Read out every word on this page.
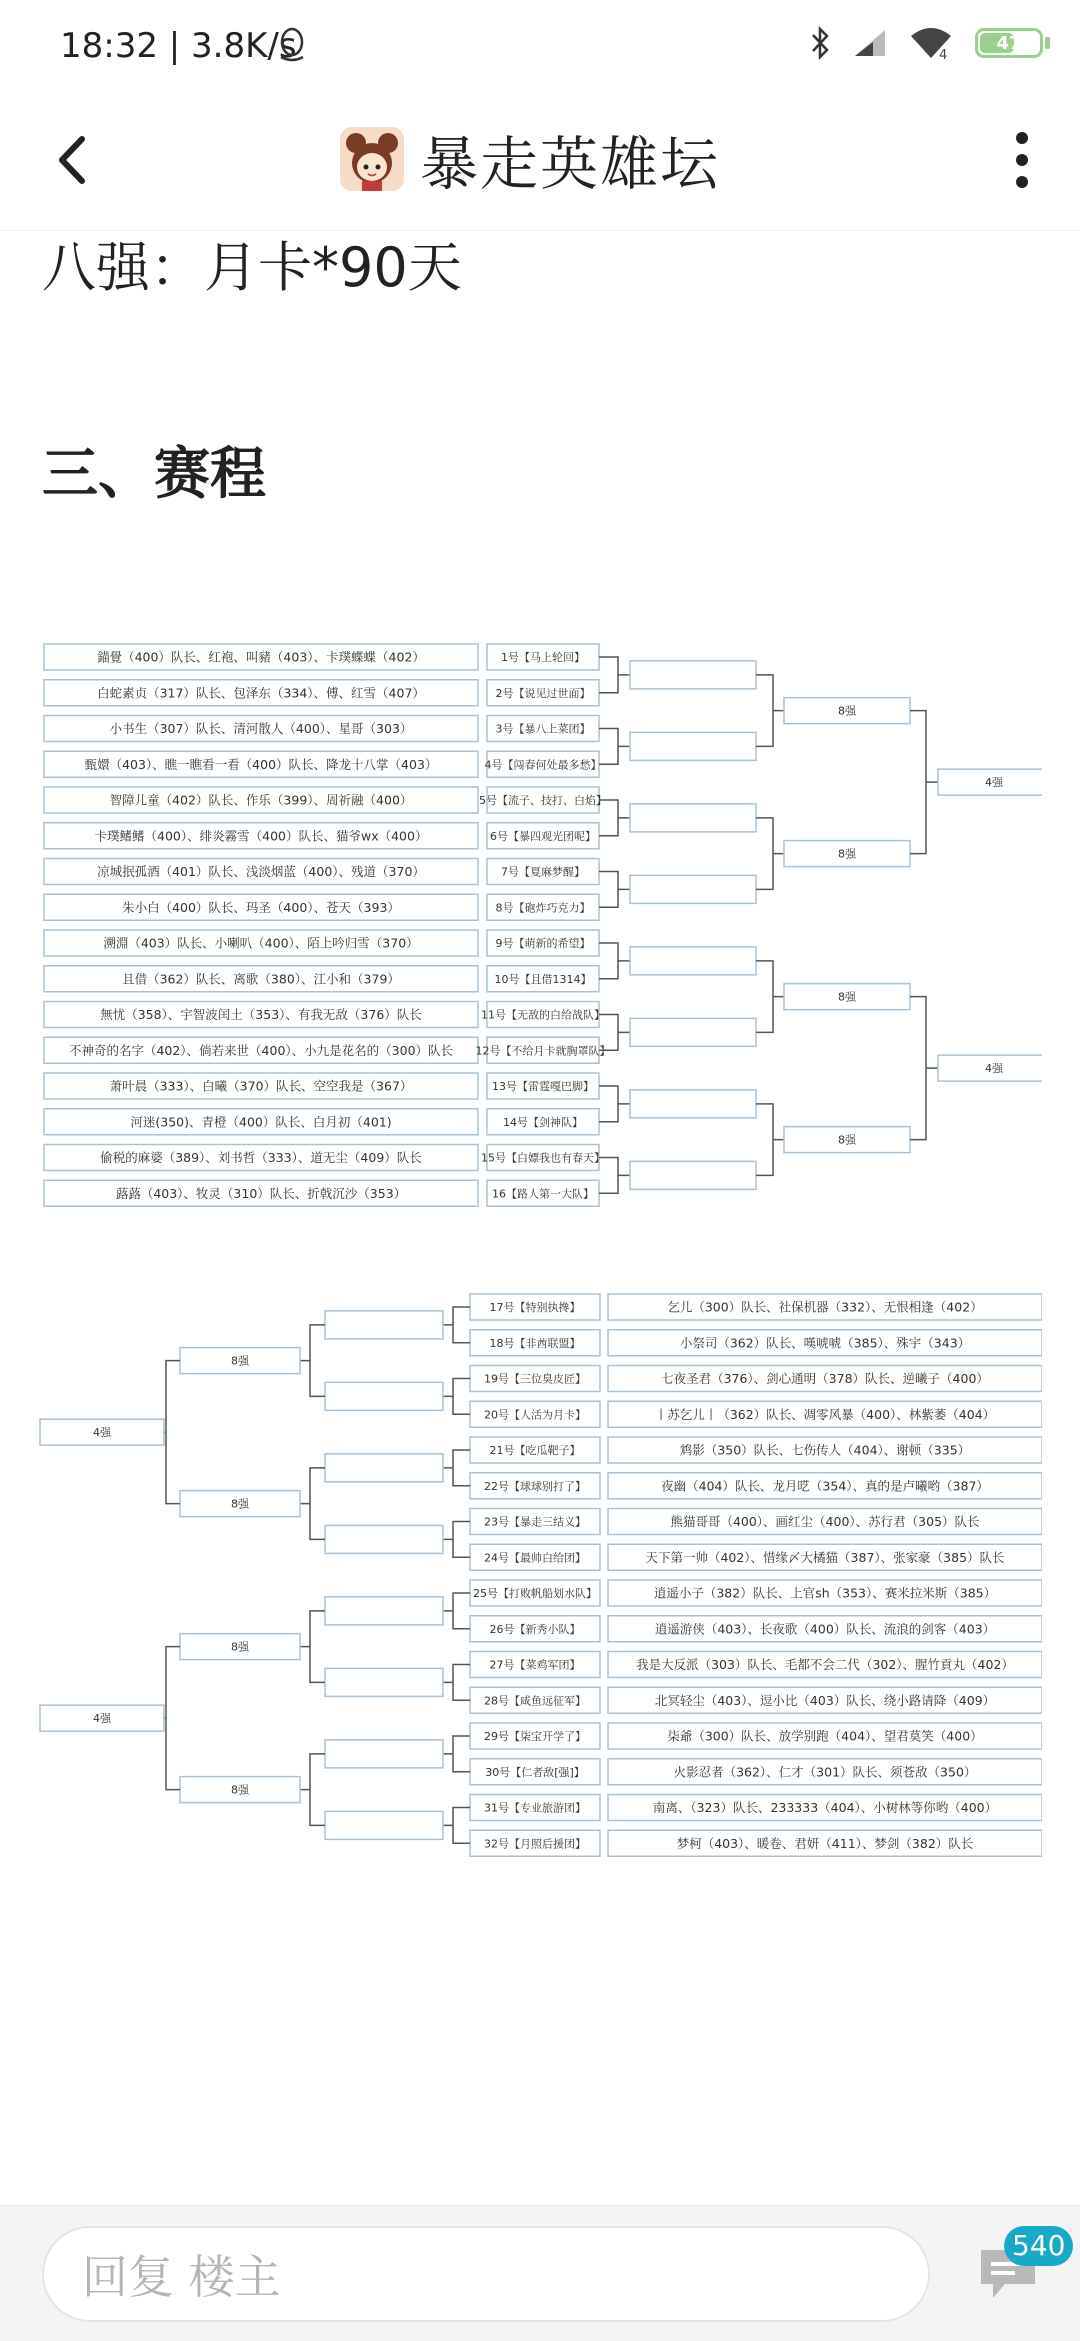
18:32 | 3.8K/s	4
47
暴走英雄坛
八强：月卡*90天
三、赛程
錨覺（400）队长、红袍、叫豬（403）、卡璞蝶蝶（402）	1号【马上轮回】
白蛇素贞（317）队长、包泽东（334）、傅、红雪（407）	2号【说见过世面】
小书生（307）队长、清河散人（400）、星哥（303）	3号【暴八上菜团】
甄嬛（403）、瞧一瞧看一看（400）队长、降龙十八掌（403）	4号【闯春何处最多愁】
智障儿童（402）队长、作乐（399）、周祈融（400）	5号【流子、技打、白焰】
卡璞鳍鳍（400）、绯炎霧雪（400）队长、猫爷wx（400）	6号【暴四观光团呢】
凉城抿孤酒（401）队长、浅淡烟蓝（400）、残道（370）	7号【夏麻梦醒】
朱小白（400）队长、玛圣（400）、苍天（393）	8号【砲炸巧克力】
溯淵（403）队长、小喇叭（400）、陌上吟归雪（370）	9号【萌新的希望】
且借（362）队长、离歌（380）、江小和（379）	10号【且借1314】
無忧（358）、宇智波闰土（353）、有我无敌（376）队长	11号【无敌的白给战队】
不神奇的名字（402）、倘若来世（400）、小九是花名的（300）队长 12号【不给月卡就胸罩队】
萧叶晨（333）、白曦（370）队长、空空我是（367）	13号【雷霆嘎巴脚】
河迷(350)、青橙（400）队长、白月初（401)	14号【剑神队】
偷税的麻婆（389）、刘书哲（333）、道无尘（409）队长	15号【白嫖我也有春天】
蕗蕗（403）、牧灵（310）队长、折戟沉沙（353）	16【路人第一大队】
8强
8强
8强
8强
4强
4强
17号【特别执搀】	乞儿（300）队长、社保机器（332）、无恨相逢（402）
18号【非酋联盟】	小祭司（362）队长、嘆唬唬（385）、殊宇（343）
19号【三位臭皮匠】	七夜圣君（376）、剑心通明（378）队长、逆曦子（400）
20号【人活为月卡】	丨苏乞儿丨（362）队长、凋零风暴（400）、林紫萎（404）
21号【吃瓜靶子】	鸩影（350）队长、七伤传人（404）、谢顿（335）
22号【球球别打了】	夜幽（404）队长、龙月呓（354）、真的是卢曦哟（387）
23号【暴走三结义】	熊猫哥哥（400）、画红尘（400）、苏行君（305）队长
24号【最帅白给团】	天下第一帅（402）、惜缘〆大橘猫（387）、张家豪（385）队长
25号【打败帆船划水队】	逍遥小子（382）队长、上官sh（353）、赛米拉米斯（385）
26号【新秀小队】	逍遥游侠（403）、长夜歌（400）队长、流浪的剑客（403）
27号【菜鸡军团】	我是大反派（303）队长、毛都不会二代（302）、腥竹貢丸（402）
28号【咸鱼远征军】	北冥轻尘（403）、逗小比（403）队长、绕小路请降（409）
29号【柒宝开学了】	柒爺（300）队长、放学别跑（404）、望君莫笑（400）
30号【仁者敌[强]】	火影忍者（362）、仁才（301）队长、须苍敌（350）
31号【专业旅游团】	南离、（323）队长、233333（404）、小树林等你哟（400）
32号【月照后援团】	梦柯（403）、暖卷、君妍（411）、梦剑（382）队长
8强
8强
8强
8强
4强
4强
回复 楼主
540
